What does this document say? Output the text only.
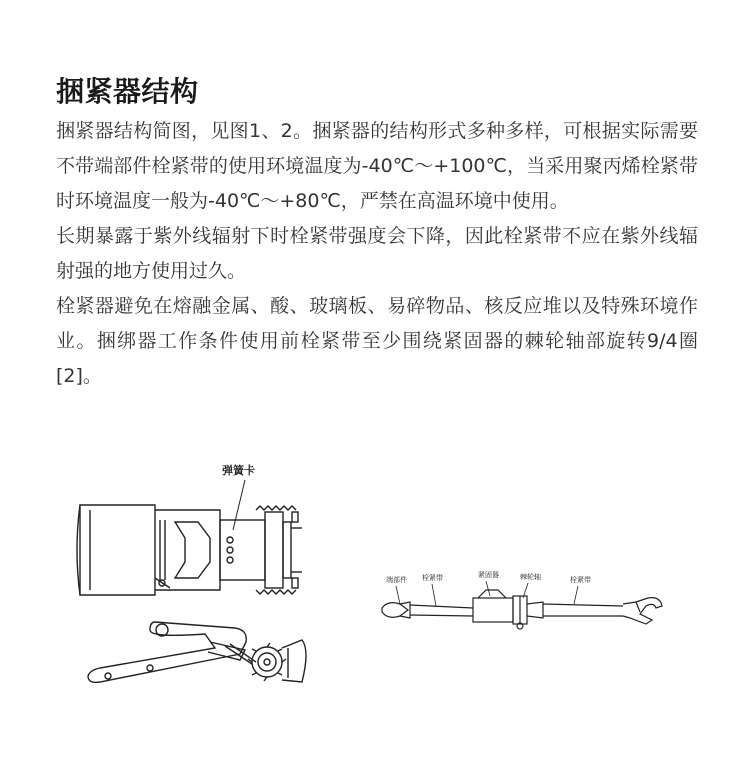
捆紧器结构

捆紧器结构简图，见图1、2。捆紧器的结构形式多种多样，可根据实际需要不带端部件栓紧带的使用环境温度为-40℃～+100℃，当采用聚丙烯栓紧带时环境温度一般为-40℃～+80℃，严禁在高温环境中使用。

长期暴露于紫外线辐射下时栓紧带强度会下降，因此栓紧带不应在紫外线辐射强的地方使用过久。

栓紧器避免在熔融金属、酸、玻璃板、易碎物品、核反应堆以及特殊环境作业。捆绑器工作条件使用前栓紧带至少围绕紧固器的棘轮轴部旋转9/4圈[2]。

弹簧卡
端部件 栓紧带	紧固器	棘轮轴	栓紧带
